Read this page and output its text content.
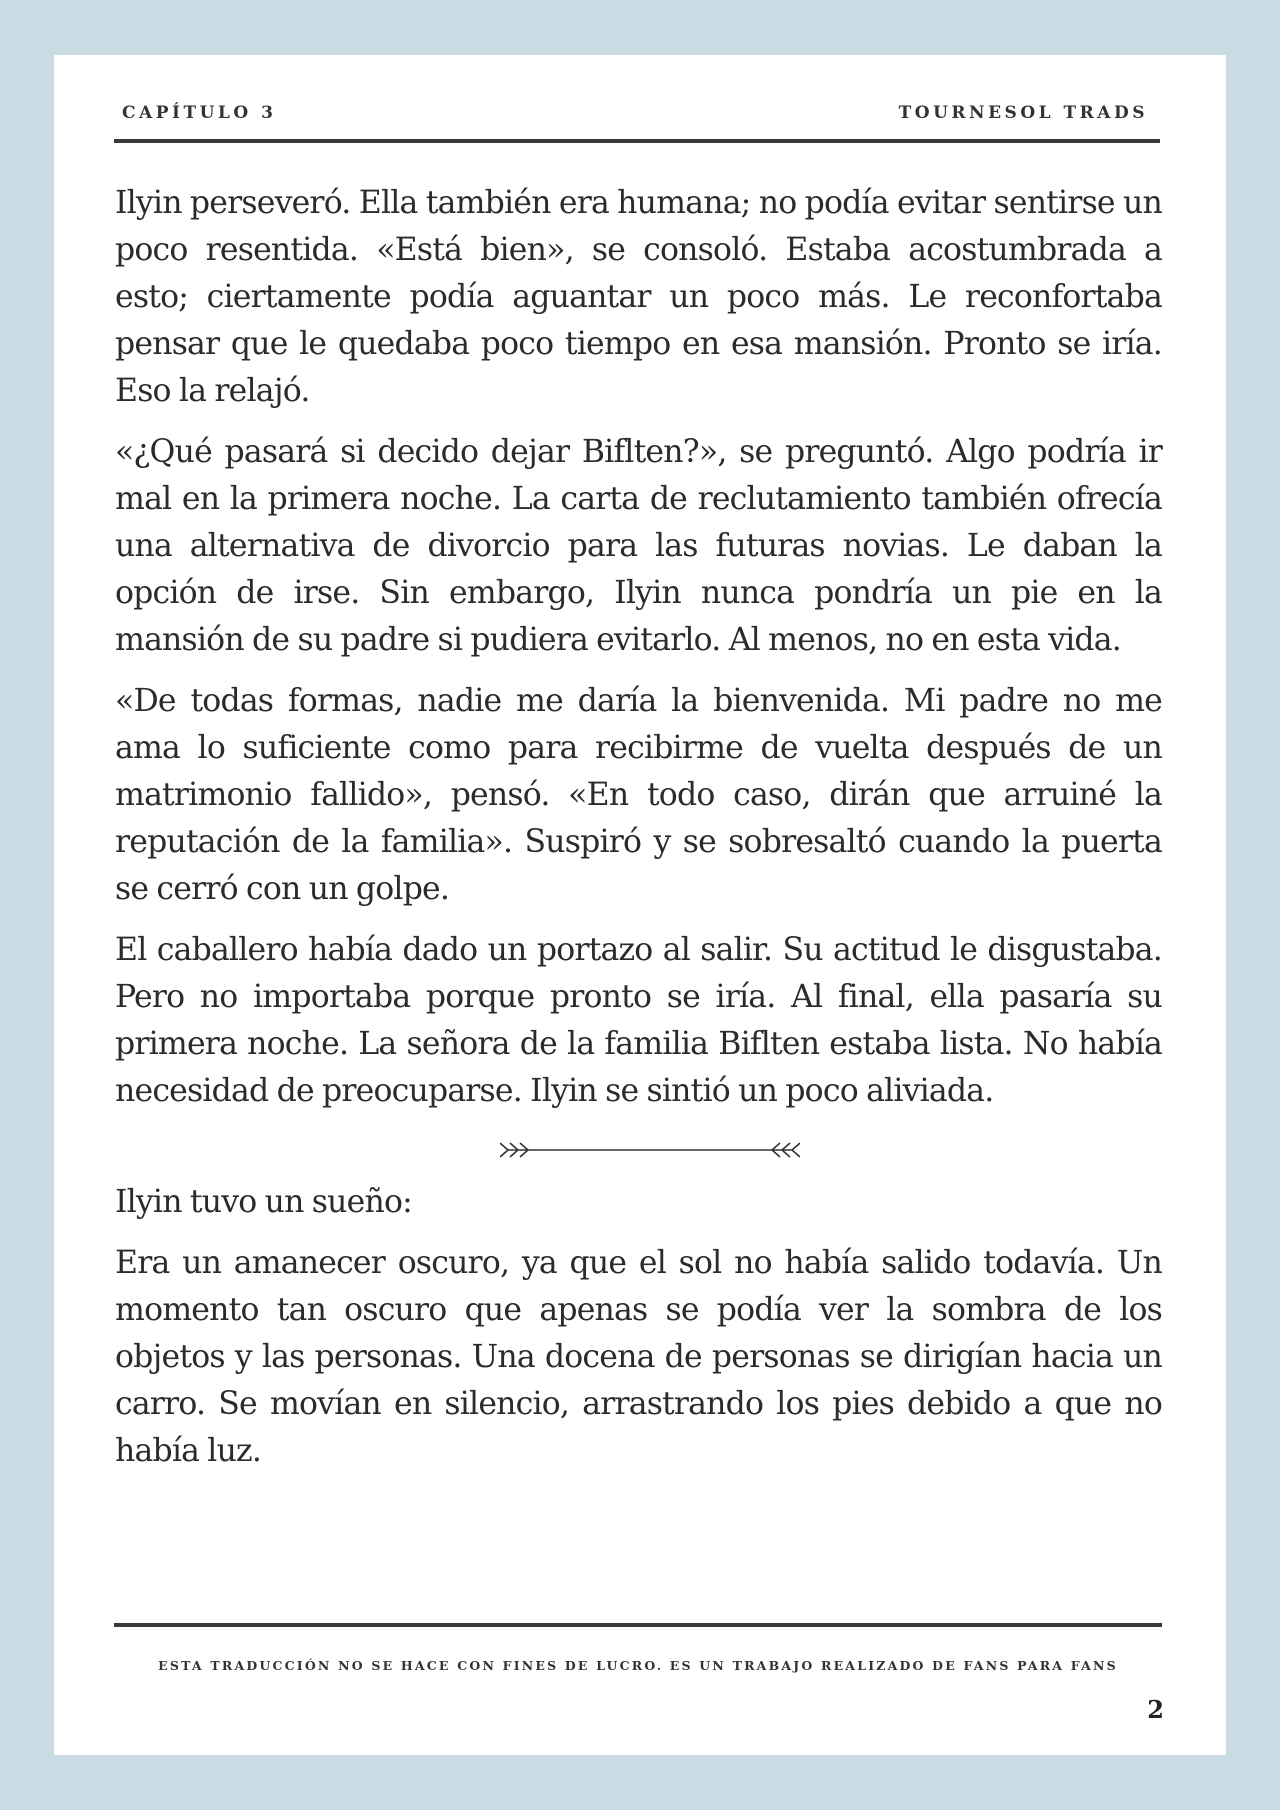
CAPÍTULO 3	TOURNESOL TRADS

Ilyin perseveró. Ella también era humana; no podía evitar sentirse un poco resentida. «Está bien», se consoló. Estaba acostumbrada a esto; ciertamente podía aguantar un poco más. Le reconfortaba pensar que le quedaba poco tiempo en esa mansión. Pronto se iría. Eso la relajó.

«¿Qué pasará si decido dejar Biflten?», se preguntó. Algo podría ir mal en la primera noche. La carta de reclutamiento también ofrecía una alternativa de divorcio para las futuras novias. Le daban la opción de irse. Sin embargo, Ilyin nunca pondría un pie en la mansión de su padre si pudiera evitarlo. Al menos, no en esta vida.

«De todas formas, nadie me daría la bienvenida. Mi padre no me ama lo suficiente como para recibirme de vuelta después de un matrimonio fallido», pensó. «En todo caso, dirán que arruiné la reputación de la familia». Suspiró y se sobresaltó cuando la puerta se cerró con un golpe.

El caballero había dado un portazo al salir. Su actitud le disgustaba. Pero no importaba porque pronto se iría. Al final, ella pasaría su primera noche. La señora de la familia Biflten estaba lista. No había necesidad de preocuparse. Ilyin se sintió un poco aliviada.

Ilyin tuvo un sueño:

Era un amanecer oscuro, ya que el sol no había salido todavía. Un momento tan oscuro que apenas se podía ver la sombra de los objetos y las personas. Una docena de personas se dirigían hacia un carro. Se movían en silencio, arrastrando los pies debido a que no había luz.

ESTA TRADUCCIÓN NO SE HACE CON FINES DE LUCRO. ES UN TRABAJO REALIZADO DE FANS PARA FANS
2
